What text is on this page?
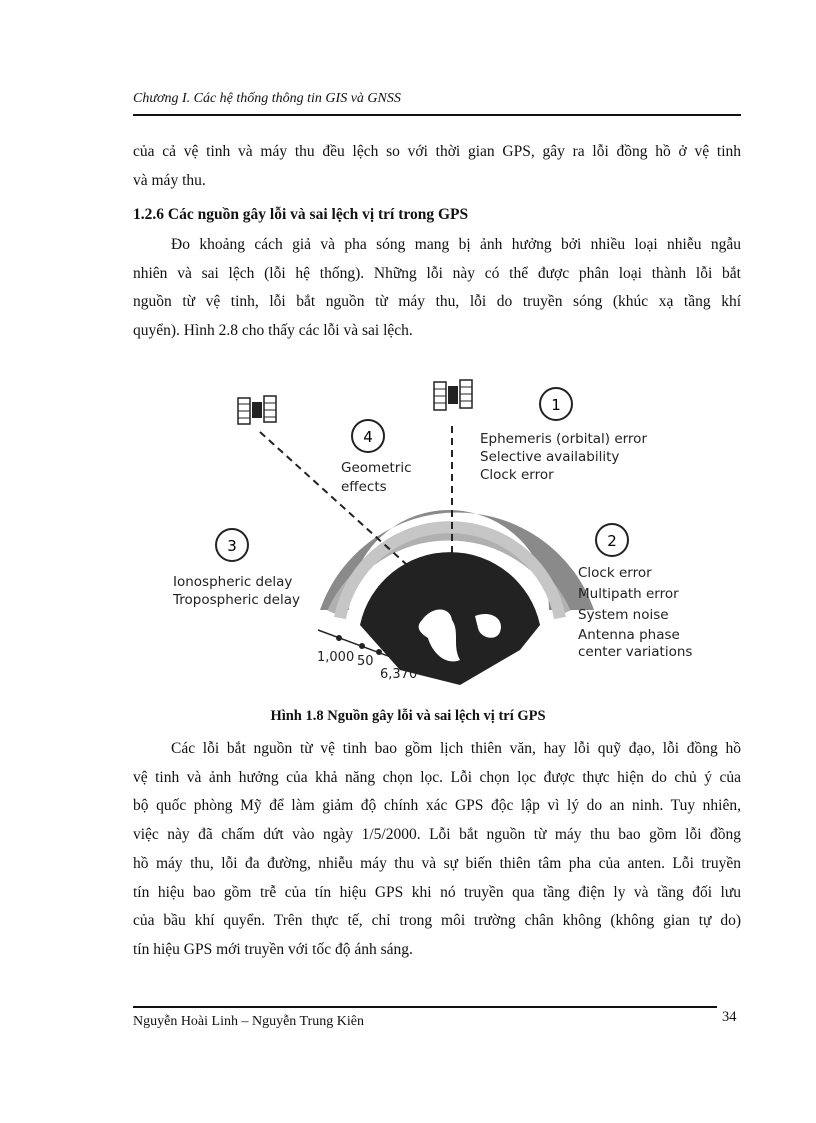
Chương I. Các hệ thống thông tin GIS và GNSS
của cả vệ tinh và máy thu đều lệch so với thời gian GPS, gây ra lỗi đồng hồ ở vệ tinh
và máy thu.
1.2.6 Các nguồn gây lỗi và sai lệch vị trí trong GPS
Đo khoảng cách giả và pha sóng mang bị ảnh hưởng bởi nhiều loại nhiễu ngẫu
nhiên và sai lệch (lỗi hệ thống). Những lỗi này có thể được phân loại thành lỗi bắt
nguồn từ vệ tinh, lỗi bắt nguồn từ máy thu, lỗi do truyền sóng (khúc xạ tầng khí
quyển). Hình 2.8 cho thấy các lỗi và sai lệch.
1
4
3	2
Ephemeris (orbital) error
Selective availability
Clock error
Geometric
effects
Ionospheric delay
Tropospheric delay
Clock error
Multipath error
System noise
Antenna phase
center variations
ion
trop
1,000 50
6,370
Hình 1.8 Nguồn gây lỗi và sai lệch vị trí GPS
Các lỗi bắt nguồn từ vệ tinh bao gồm lịch thiên văn, hay lỗi quỹ đạo, lỗi đồng hồ
vệ tinh và ảnh hưởng của khả năng chọn lọc. Lỗi chọn lọc được thực hiện do chủ ý của
bộ quốc phòng Mỹ để làm giảm độ chính xác GPS độc lập vì lý do an ninh. Tuy nhiên,
việc này đã chấm dứt vào ngày 1/5/2000. Lỗi bắt nguồn từ máy thu bao gồm lỗi đồng
hồ máy thu, lỗi đa đường, nhiễu máy thu và sự biến thiên tâm pha của anten. Lỗi truyền
tín hiệu bao gồm trễ của tín hiệu GPS khi nó truyền qua tầng điện ly và tầng đối lưu
của bầu khí quyển. Trên thực tế, chỉ trong môi trường chân không (không gian tự do)
tín hiệu GPS mới truyền với tốc độ ánh sáng.
Nguyễn Hoài Linh – Nguyễn Trung Kiên	34
